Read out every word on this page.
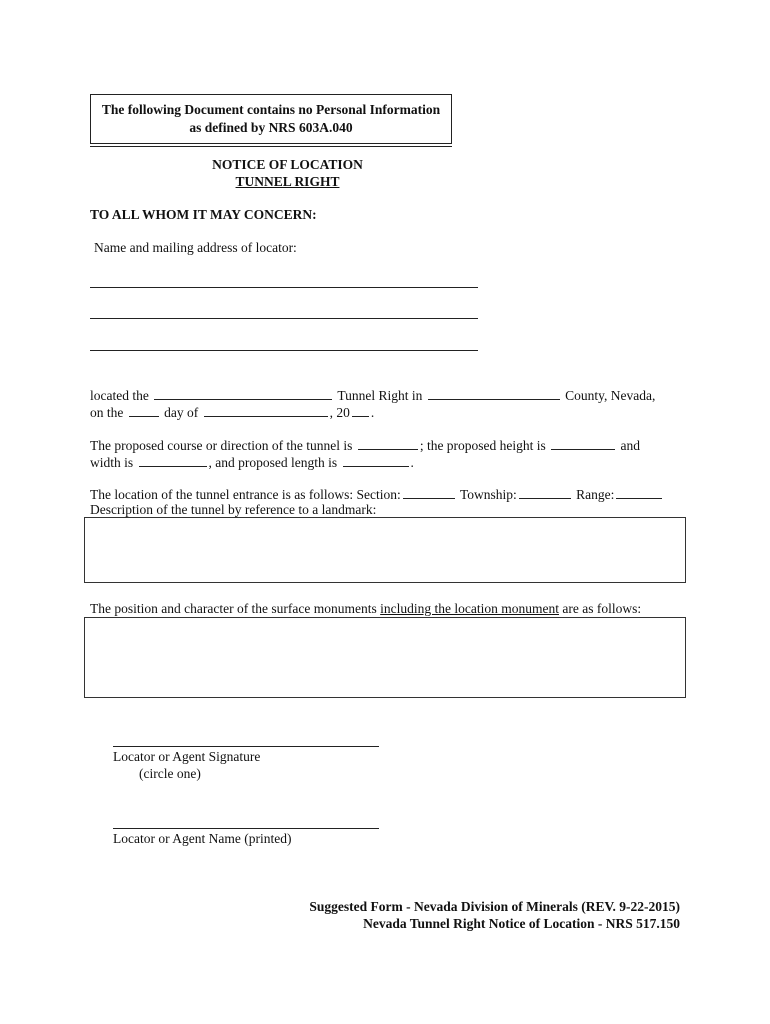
The following Document contains no Personal Information
as defined by NRS 603A.040
NOTICE OF LOCATION
TUNNEL RIGHT
TO ALL WHOM IT MAY CONCERN:
Name and mailing address of locator:
located the	Tunnel Right in	County, Nevada,
on the	day of	, 20 .
The proposed course or direction of the tunnel is	; the proposed height is	and
width is	, and proposed length is	.
The location of the tunnel entrance is as follows: Section:	Township:	Range:
Description of the tunnel by reference to a landmark:
The position and character of the surface monuments including the location monument are as follows:
Locator or Agent Signature
(circle one)
Locator or Agent Name (printed)
Suggested Form - Nevada Division of Minerals (REV. 9-22-2015)
Nevada Tunnel Right Notice of Location - NRS 517.150
